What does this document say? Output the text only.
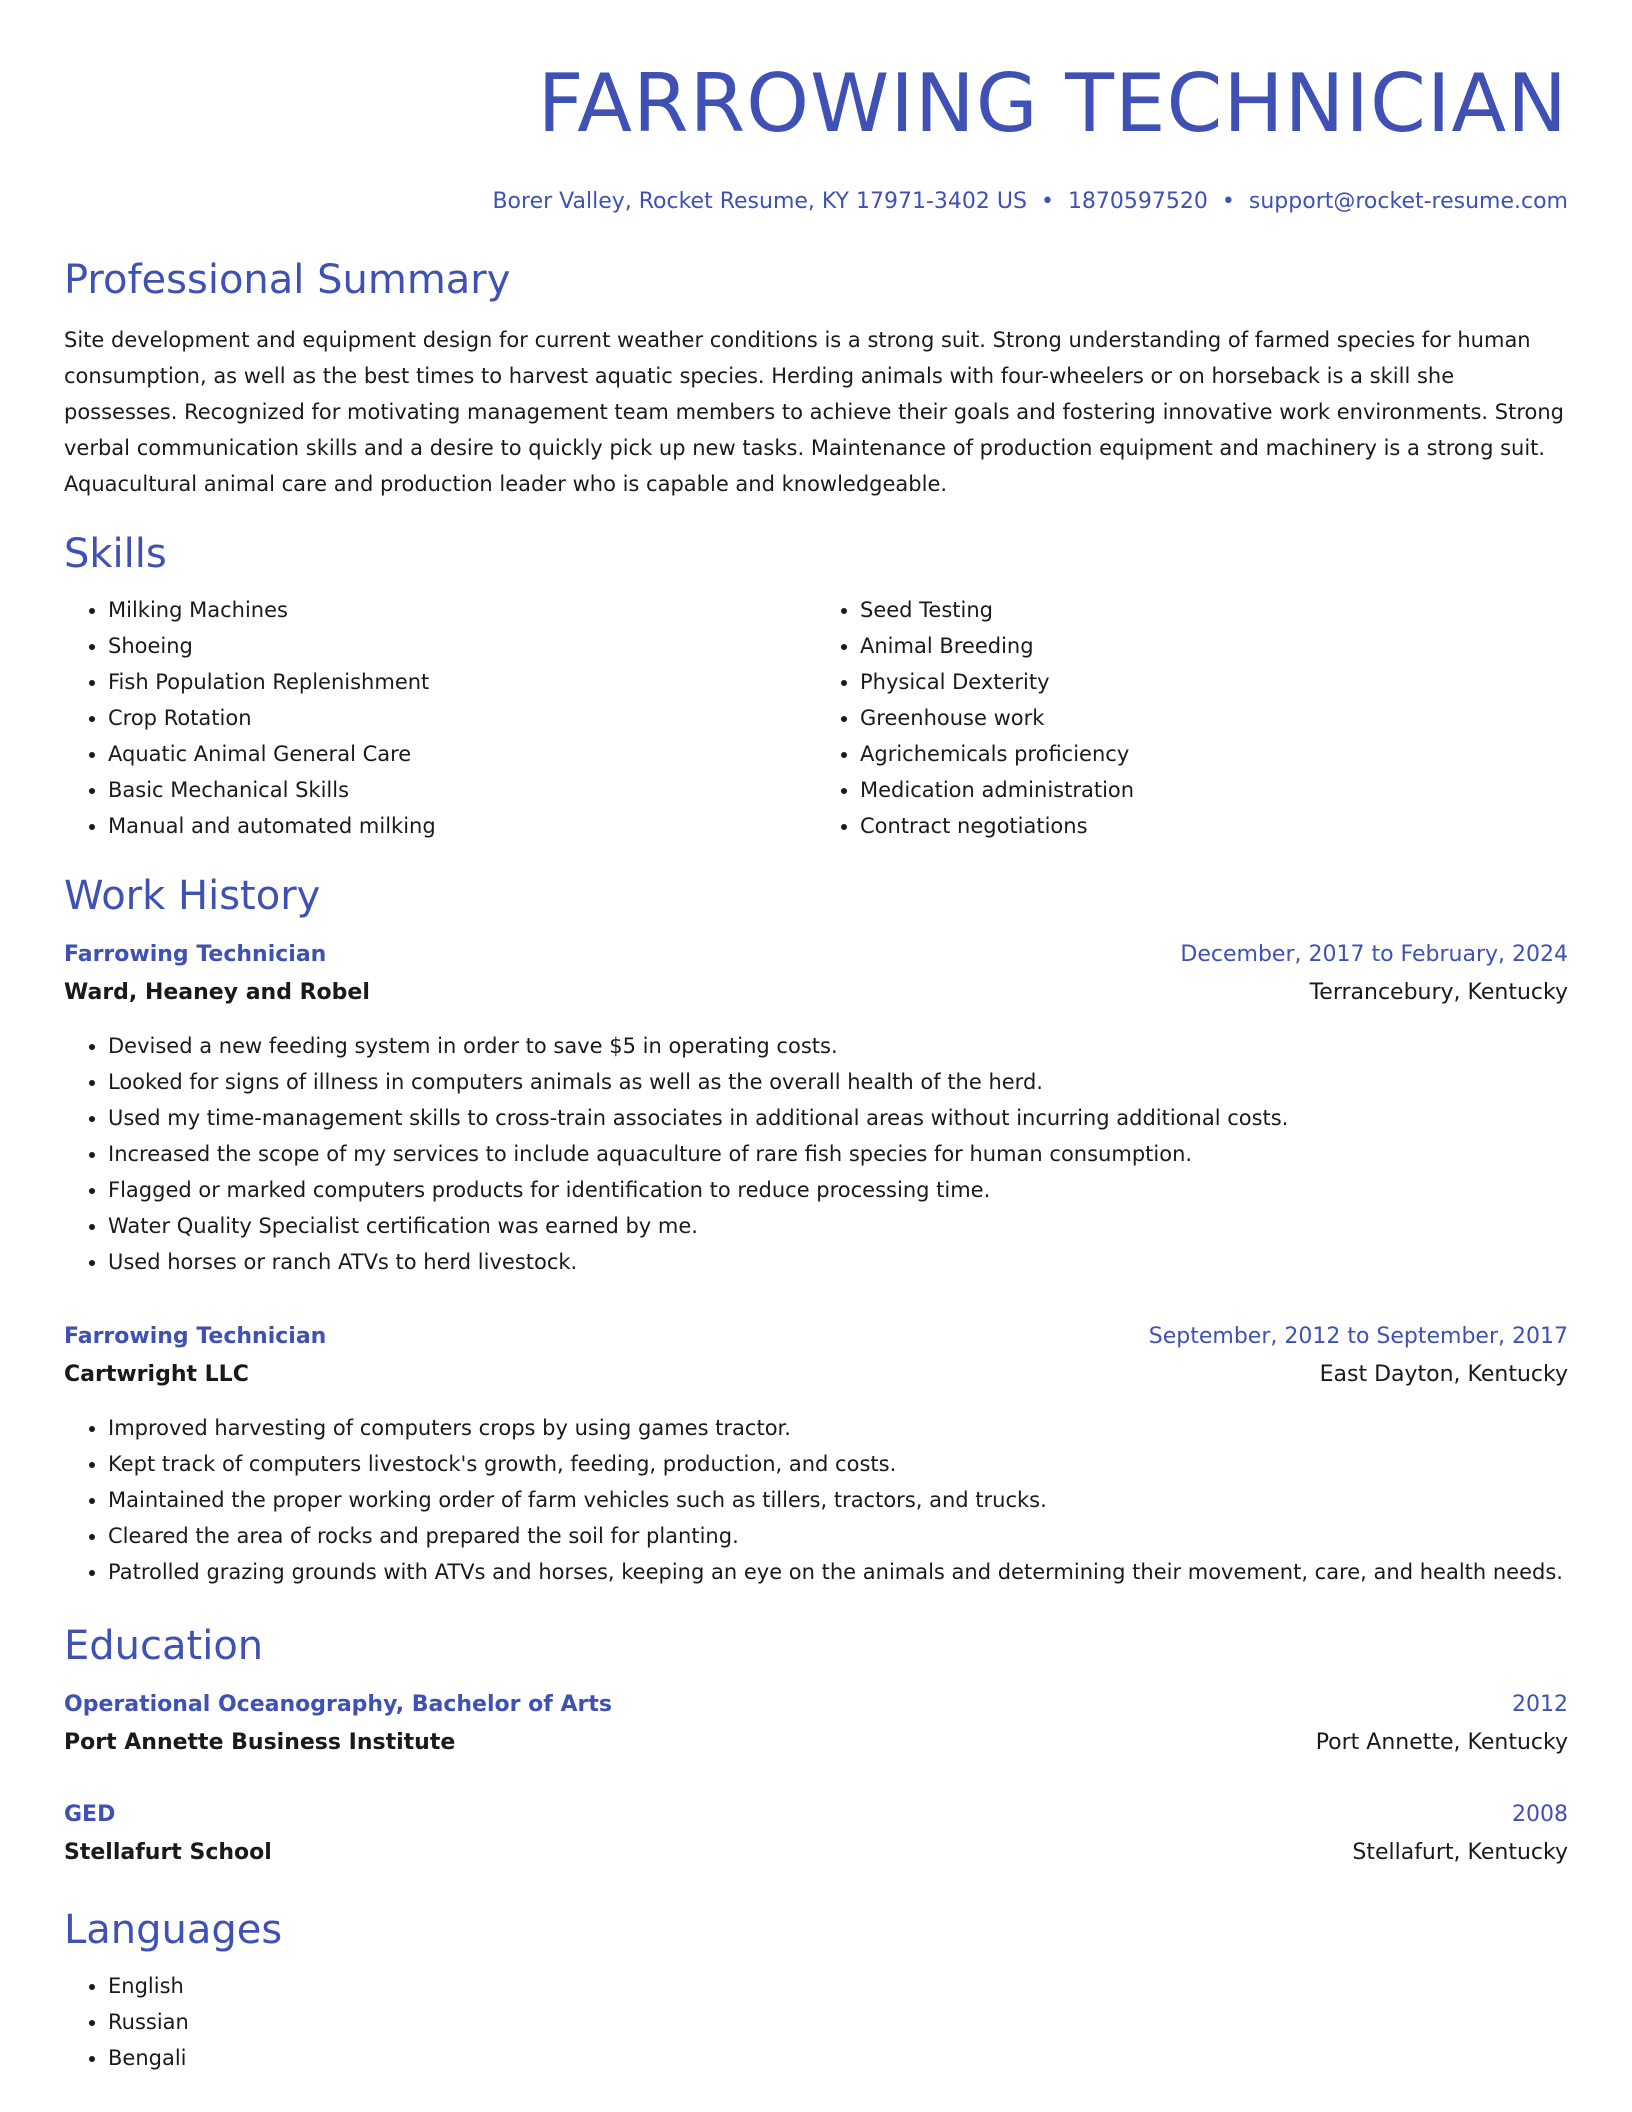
FARROWING TECHNICIAN
Borer Valley, Rocket Resume, KY 17971-3402 US • 1870597520 • support@rocket-resume.com
Professional Summary

Site development and equipment design for current weather conditions is a strong suit. Strong understanding of farmed species for human consumption, as well as the best times to harvest aquatic species. Herding animals with four-wheelers or on horseback is a skill she possesses. Recognized for motivating management team members to achieve their goals and fostering innovative work environments. Strong verbal communication skills and a desire to quickly pick up new tasks. Maintenance of production equipment and machinery is a strong suit. Aquacultural animal care and production leader who is capable and knowledgeable.

Skills
• Milking Machines
• Shoeing
• Fish Population Replenishment
• Crop Rotation
• Aquatic Animal General Care
• Basic Mechanical Skills
• Manual and automated milking
• Seed Testing
• Animal Breeding
• Physical Dexterity
• Greenhouse work
• Agrichemicals proficiency
• Medication administration
• Contract negotiations
Work History
Farrowing Technician	December, 2017 to February, 2024
Ward, Heaney and Robel	Terrancebury, Kentucky
• Devised a new feeding system in order to save $5 in operating costs.
• Looked for signs of illness in computers animals as well as the overall health of the herd.
• Used my time-management skills to cross-train associates in additional areas without incurring additional costs.
• Increased the scope of my services to include aquaculture of rare fish species for human consumption.
• Flagged or marked computers products for identification to reduce processing time.
• Water Quality Specialist certification was earned by me.
• Used horses or ranch ATVs to herd livestock.
Farrowing Technician	September, 2012 to September, 2017
Cartwright LLC	East Dayton, Kentucky
• Improved harvesting of computers crops by using games tractor.
• Kept track of computers livestock's growth, feeding, production, and costs.
• Maintained the proper working order of farm vehicles such as tillers, tractors, and trucks.
• Cleared the area of rocks and prepared the soil for planting.
• Patrolled grazing grounds with ATVs and horses, keeping an eye on the animals and determining their movement, care, and health needs.
Education
Operational Oceanography, Bachelor of Arts	2012
Port Annette Business Institute	Port Annette, Kentucky
GED	2008
Stellafurt School	Stellafurt, Kentucky
Languages
• English
• Russian
• Bengali
